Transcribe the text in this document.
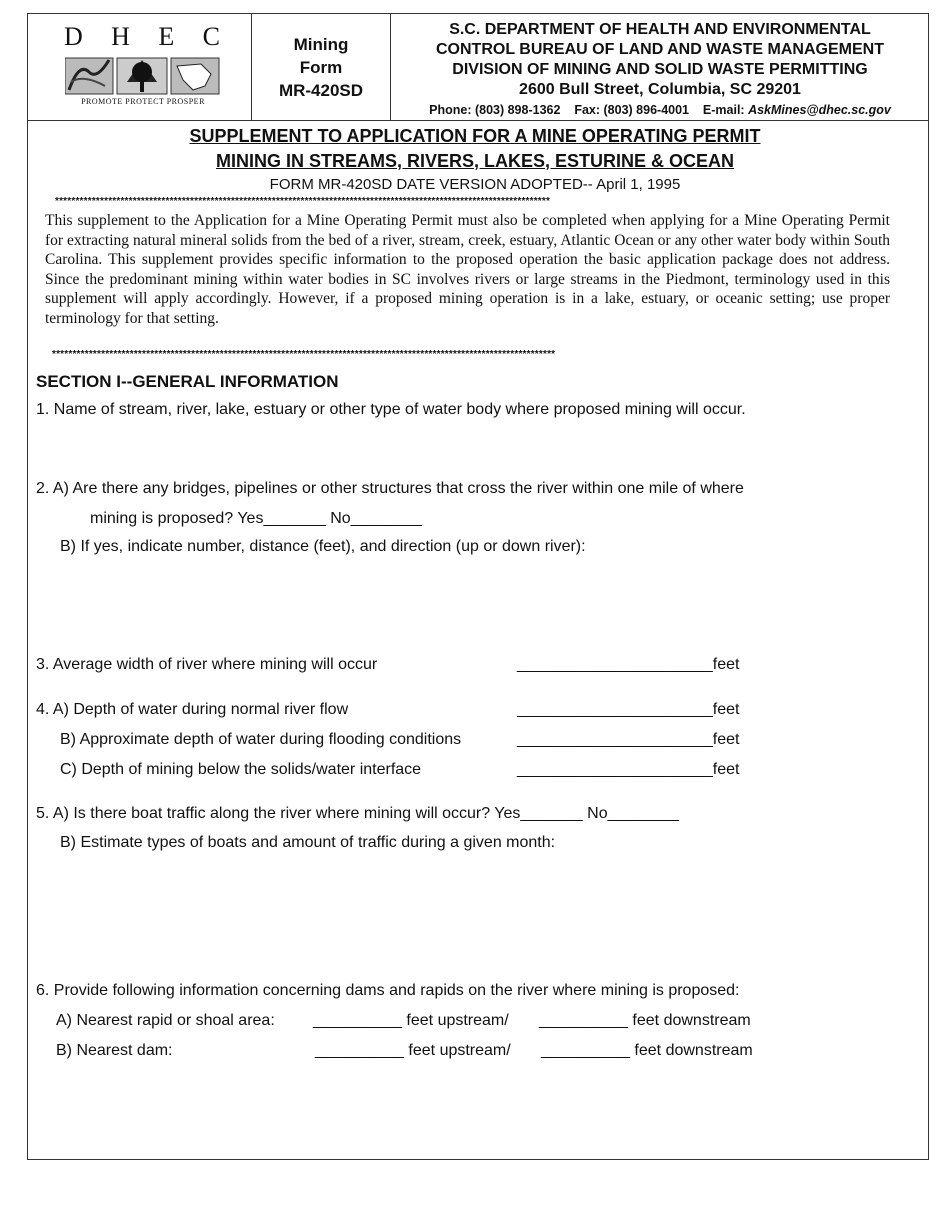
D H E C
PROMOTE PROTECT PROSPER
Mining
Form
MR-420SD
S.C. DEPARTMENT OF HEALTH AND ENVIRONMENTAL
CONTROL BUREAU OF LAND AND WASTE MANAGEMENT
DIVISION OF MINING AND SOLID WASTE PERMITTING
2600 Bull Street, Columbia, SC 29201
Phone: (803) 898-1362 Fax: (803) 896-4001 E-mail: AskMines@dhec.sc.gov
SUPPLEMENT TO APPLICATION FOR A MINE OPERATING PERMIT
MINING IN STREAMS, RIVERS, LAKES, ESTURINE & OCEAN
FORM MR-420SD DATE VERSION ADOPTED-- April 1, 1995
*************************************************************************************************************************
This supplement to the Application for a Mine Operating Permit must also be completed when applying for a Mine Operating Permit for extracting natural mineral solids from the bed of a river, stream, creek, estuary, Atlantic Ocean or any other water body within South Carolina. This supplement provides specific information to the proposed operation the basic application package does not address. Since the predominant mining within water bodies in SC involves rivers or large streams in the Piedmont, terminology used in this supplement will apply accordingly. However, if a proposed mining operation is in a lake, estuary, or oceanic setting; use proper terminology for that setting.
***************************************************************************************************************************
SECTION I--GENERAL INFORMATION
1. Name of stream, river, lake, estuary or other type of water body where proposed mining will occur.
2. A) Are there any bridges, pipelines or other structures that cross the river within one mile of where
mining is proposed? Yes_______ No________
B) If yes, indicate number, distance (feet), and direction (up or down river):
3. Average width of river where mining will occur	______________________feet
4. A) Depth of water during normal river flow	______________________feet
B) Approximate depth of water during flooding conditions	______________________feet
C) Depth of mining below the solids/water interface	______________________feet
5. A) Is there boat traffic along the river where mining will occur? Yes_______ No________
B) Estimate types of boats and amount of traffic during a given month:
6. Provide following information concerning dams and rapids on the river where mining is proposed:
A) Nearest rapid or shoal area: __________ feet upstream/ __________ feet downstream
B) Nearest dam:	__________ feet upstream/ __________ feet downstream
